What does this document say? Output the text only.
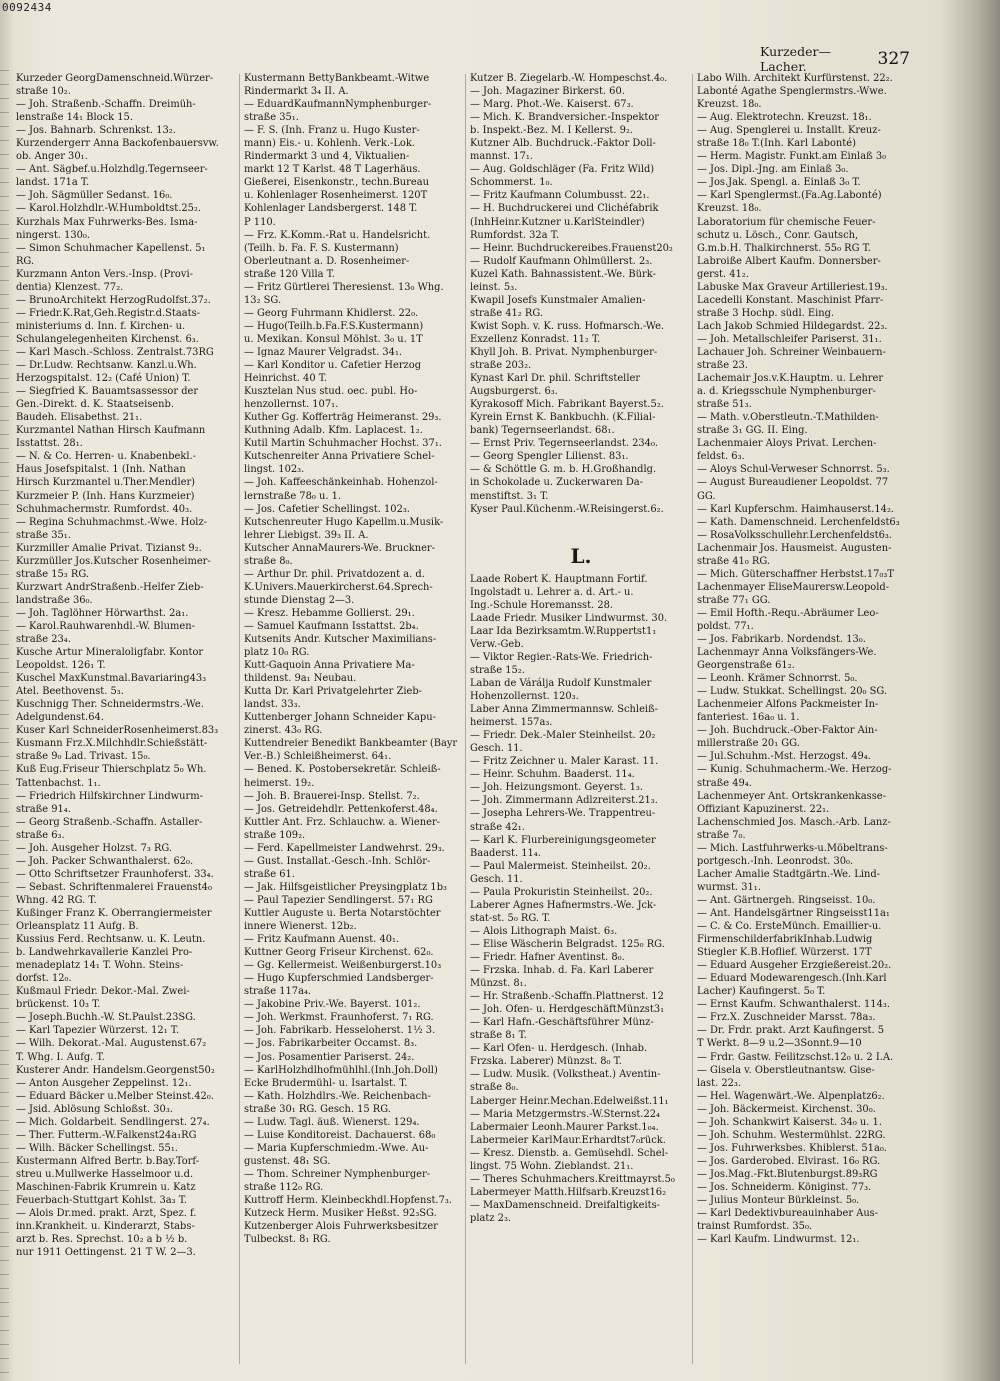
0092434
Kurzeder—Lacher.	327
Kurzeder GeorgDamenschneid.Würzer-
straße 10₂.
— Joh. Straßenb.-Schaffn. Dreimüh-
lenstraße 14₁ Block 15.
— Jos. Bahnarb. Schrenkst. 13₂.
Kurzendergerr Anna Backofenbauersvw.
ob. Anger 30₁.
— Ant. Sägbef.u.Holzhdlg.Tegernseer-
landst. 171a T.
— Joh. Sägmüller Sedanst. 16₀.
— Karol.Holzhdlr.-W.Humboldtst.25₂.
Kurzhals Max Fuhrwerks-Bes. Isma-
ningerst. 130₀.
— Simon Schuhmacher Kapellenst. 5₁
RG.
Kurzmann Anton Vers.-Insp. (Provi-
dentia) Klenzest. 77₂.
— BrunoArchitekt HerzogRudolfst.37₂.
— Friedr.K.Rat,Geh.Registr.d.Staats-
ministeriums d. Inn. f. Kirchen- u.
Schulangelegenheiten Kirchenst. 6₃.
— Karl Masch.-Schloss. Zentralst.73RG
— Dr.Ludw. Rechtsanw. Kanzl.u.Wh.
Herzogspitalst. 12₂ (Café Union) T.
— Siegfried K. Bauamtsassessor der
Gen.-Direkt. d. K. Staatseisenb.
Baudeh. Elisabethst. 21₁.
Kurzmantel Nathan Hirsch Kaufmann
Isstattst. 28₁.
— N. & Co. Herren- u. Knabenbekl.-
Haus Josefspitalst. 1 (Inh. Nathan
Hirsch Kurzmantel u.Ther.Mendler)
Kurzmeier P. (Inh. Hans Kurzmeier)
Schuhmachermstr. Rumfordst. 40₃.
— Regina Schuhmachmst.-Wwe. Holz-
straße 35₁.
Kurzmiller Amalie Privat. Tizianst 9₂.
Kurzmüller Jos.Kutscher Rosenheimer-
straße 15₃ RG.
Kurzwart AndrStraßenb.-Helfer Zieb-
landstraße 36₀.
— Joh. Taglöhner Hörwarthst. 2a₁.
— Karol.Rauhwarenhdl.-W. Blumen-
straße 23₄.
Kusche Artur Mineraloligfabr. Kontor
Leopoldst. 126₁ T.
Kuschel MaxKunstmal.Bavariaring43₃
Atel. Beethovenst. 5₃.
Kuschnigg Ther. Schneidermstrs.-We.
Adelgundenst.64.
Kuser Karl SchneiderRosenheimerst.83₃
Kusmann Frz.X.Milchhdlr.Schießstätt-
straße 9₀ Lad. Trivast. 15₀.
Kuß Eug.Friseur Thierschplatz 5₀ Wh.
Tattenbachst. 1₁.
— Friedrich Hilfskirchner Lindwurm-
straße 91₄.
— Georg Straßenb.-Schaffn. Astaller-
straße 6₃.
— Joh. Ausgeher Holzst. 7₃ RG.
— Joh. Packer Schwanthalerst. 62₀.
— Otto Schriftsetzer Fraunhoferst. 33₄.
— Sebast. Schriftenmalerei Frauenst4₀
Whng. 42 RG. T.
Kußinger Franz K. Oberrangiermeister
Orleansplatz 11 Aufg. B.
Kussius Ferd. Rechtsanw. u. K. Leutn.
b. Landwehrkavallerie Kanzlei Pro-
menadeplatz 14₁ T. Wohn. Steins-
dorfst. 12₀.
Kußmaul Friedr. Dekor.-Mal. Zwei-
brückenst. 10₃ T.
— Joseph.Buchh.-W. St.Paulst.23SG.
— Karl Tapezier Würzerst. 12₁ T.
— Wilh. Dekorat.-Mal. Augustenst.67₂
T. Whg. I. Aufg. T.
Kusterer Andr. Handelsm.Georgenst50₂
— Anton Ausgeher Zeppelinst. 12₁.
— Eduard Bäcker u.Melber Steinst.42₀.
— Jsid. Ablösung Schloßst. 30₃.
— Mich. Goldarbeit. Sendlingerst. 27₄.
— Ther. Futterm.-W.Falkenst24a₁RG
— Wilh. Bäcker Schellingst. 55₁.
Kustermann Alfred Bertr. b.Bay.Torf-
streu u.Mullwerke Hasselmoor u.d.
Maschinen-Fabrik Krumrein u. Katz
Feuerbach-Stuttgart Kohlst. 3a₃ T.
— Alois Dr.med. prakt. Arzt, Spez. f.
inn.Krankheit. u. Kinderarzt, Stabs-
arzt b. Res. Sprechst. 10₂ a b ½ b.
nur 1911 Oettingenst. 21 T W. 2—3.
Kustermann BettyBankbeamt.-Witwe
Rindermarkt 3₄ II. A.
— EduardKaufmannNymphenburger-
straße 35₁.
— F. S. (Inh. Franz u. Hugo Kuster-
mann) Eis.- u. Kohlenh. Verk.-Lok.
Rindermarkt 3 und 4, Viktualien-
markt 12 T Karlst. 48 T Lagerhäus.
Gießerei, Eisenkonstr., techn.Bureau
u. Kohlenlager Rosenheimerst. 120T
Kohlenlager Landsbergerst. 148 T.
P 110.
— Frz. K.Komm.-Rat u. Handelsricht.
(Teilh. b. Fa. F. S. Kustermann)
Oberleutnant a. D. Rosenheimer-
straße 120 Villa T.
— Fritz Gürtlerei Theresienst. 13₀ Whg.
13₂ SG.
— Georg Fuhrmann Khidlerst. 22₀.
— Hugo(Teilh.b.Fa.F.S.Kustermann)
u. Mexikan. Konsul Möhlst. 3₀ u. 1T
— Ignaz Maurer Velgradst. 34₁.
— Karl Konditor u. Cafetier Herzog
Heinrichst. 40 T.
Kusztelan Nus stud. oec. publ. Ho-
henzollernst. 107₁.
Kuther Gg. Kofferträg Heimeranst. 29₃.
Kuthning Adalb. Kfm. Laplacest. 1₂.
Kutil Martin Schuhmacher Hochst. 37₁.
Kutschenreiter Anna Privatiere Schel-
lingst. 102₃.
— Joh. Kaffeeschänkeinhab. Hohenzol-
lernstraße 78₀ u. 1.
— Jos. Cafetier Schellingst. 102₃.
Kutschenreuter Hugo Kapellm.u.Musik-
lehrer Liebigst. 39₃ II. A.
Kutscher AnnaMaurers-We. Bruckner-
straße 8₀.
— Arthur Dr. phil. Privatdozent a. d.
K.Univers.Mauerkircherst.64.Sprech-
stunde Dienstag 2—3.
— Kresz. Hebamme Gollierst. 29₁.
— Samuel Kaufmann Isstattst. 2b₄.
Kutsenits Andr. Kutscher Maximilians-
platz 10₀ RG.
Kutt-Gaquoin Anna Privatiere Ma-
thildenst. 9a₁ Neubau.
Kutta Dr. Karl Privatgelehrter Zieb-
landst. 33₃.
Kuttenberger Johann Schneider Kapu-
zinerst. 43₀ RG.
Kuttendreier Benedikt Bankbeamter (Bayr
Ver.-B.) Schleißheimerst. 64₁.
— Bened. K. Postobersekretär. Schleiß-
heimerst. 19₂.
— Joh. B. Brauerei-Insp. Stellst. 7₂.
— Jos. Getreidehdlr. Pettenkoferst.48₄.
Kuttler Ant. Frz. Schlauchw. a. Wiener-
straße 109₂.
— Ferd. Kapellmeister Landwehrst. 29₃.
— Gust. Installat.-Gesch.-Inh. Schlör-
straße 61.
— Jak. Hilfsgeistlicher Preysingplatz 1b₃
— Paul Tapezier Sendlingerst. 57₁ RG
Kuttler Auguste u. Berta Notarstöchter
innere Wienerst. 12b₂.
— Fritz Kaufmann Auenst. 40₁.
Kuttner Georg Friseur Kirchenst. 62₀.
— Gg. Kellermeist. Weißenburgerst.10₃
— Hugo Kupferschmied Landsberger-
straße 117a₄.
— Jakobine Priv.-We. Bayerst. 101₂.
— Joh. Werkmst. Fraunhoferst. 7₁ RG.
— Joh. Fabrikarb. Hesseloherst. 1½ 3.
— Jos. Fabrikarbeiter Occamst. 8₃.
— Jos. Posamentier Pariserst. 24₂.
— KarlHolzhdlhofmühlhl.(Inh.Joh.Doll)
Ecke Brudermühl- u. Isartalst. T.
— Kath. Holzhdlrs.-We. Reichenbach-
straße 30₁ RG. Gesch. 15 RG.
— Ludw. Tagl. äuß. Wienerst. 129₄.
— Luise Konditoreist. Dachauerst. 68₀
— Maria Kupferschmiedm.-Wwe. Au-
gustenst. 48₁ SG.
— Thom. Schreiner Nymphenburger-
straße 112₀ RG.
Kuttroff Herm. Kleinbeckhdl.Hopfenst.7₃.
Kutzeck Herm. Musiker Heßst. 92₃SG.
Kutzenberger Alois Fuhrwerksbesitzer
Tulbeckst. 8₁ RG.
Kutzer B. Ziegelarb.-W. Hompeschst.4₀.
— Joh. Magaziner Birkerst. 60.
— Marg. Phot.-We. Kaiserst. 67₃.
— Mich. K. Brandversicher.-Inspektor
b. Inspekt.-Bez. M. I Kellerst. 9₂.
Kutzner Alb. Buchdruck.-Faktor Doll-
mannst. 17₁.
— Aug. Goldschläger (Fa. Fritz Wild)
Schommerst. 1₀.
— Fritz Kaufmann Columbusst. 22₁.
— H. Buchdruckerei und Clichéfabrik
(InhHeinr.Kutzner u.KarlSteindler)
Rumfordst. 32a T.
— Heinr. Buchdruckereibes.Frauenst20₂
— Rudolf Kaufmann Ohlmüllerst. 2₃.
Kuzel Kath. Bahnassistent.-We. Bürk-
leinst. 5₃.
Kwapil Josefs Kunstmaler Amalien-
straße 41₂ RG.
Kwist Soph. v. K. russ. Hofmarsch.-We.
Exzellenz Konradst. 11₂ T.
Khyll Joh. B. Privat. Nymphenburger-
straße 203₂.
Kynast Karl Dr. phil. Schriftsteller
Augsburgerst. 6₃.
Kyrakosoff Mich. Fabrikant Bayerst.5₂.
Kyrein Ernst K. Bankbuchh. (K.Filial-
bank) Tegernseerlandst. 68₁.
— Ernst Priv. Tegernseerlandst. 234₀.
— Georg Spengler Lilienst. 83₁.
— & Schöttle G. m. b. H.Großhandlg.
in Schokolade u. Zuckerwaren Da-
menstiftst. 3₁ T.
Kyser Paul.Küchenm.-W.Reisingerst.6₂.
L.
Laade Robert K. Hauptmann Fortif.
Ingolstadt u. Lehrer a. d. Art.- u.
Ing.-Schule Horemansst. 28.
Laade Friedr. Musiker Lindwurmst. 30.
Laar Ida Bezirksamtm.W.Ruppertst1₁
Verw.-Geb.
— Viktor Regier.-Rats-We. Friedrich-
straße 15₂.
Laban de Várálja Rudolf Kunstmaler
Hohenzollernst. 120₃.
Laber Anna Zimmermannsw. Schleiß-
heimerst. 157a₃.
— Friedr. Dek.-Maler Steinheilst. 20₂
Gesch. 11.
— Fritz Zeichner u. Maler Karast. 11.
— Heinr. Schuhm. Baaderst. 11₄.
— Joh. Heizungsmont. Geyerst. 1₃.
— Joh. Zimmermann Adlzreiterst.21₃.
— Josepha Lehrers-We. Trappentreu-
straße 42₁.
— Karl K. Flurbereinigungsgeometer
Baaderst. 11₄.
— Paul Malermeist. Steinheilst. 20₂.
Gesch. 11.
— Paula Prokuristin Steinheilst. 20₂.
Laberer Agnes Hafnermstrs.-We. Jck-
stat-st. 5₀ RG. T.
— Alois Lithograph Maist. 6₃.
— Elise Wäscherin Belgradst. 125₀ RG.
— Friedr. Hafner Aventinst. 8₀.
— Frzska. Inhab. d. Fa. Karl Laberer
Münzst. 8₁.
— Hr. Straßenb.-Schaffn.Plattnerst. 12
— Joh. Ofen- u. HerdgeschäftMünzst3₁
— Karl Hafn.-Geschäftsführer Münz-
straße 8₁ T.
— Karl Ofen- u. Herdgesch. (Inhab.
Frzska. Laberer) Münzst. 8₀ T.
— Ludw. Musik. (Volkstheat.) Aventin-
straße 8₀.
Laberger Heinr.Mechan.Edelweißst.11₁
— Maria Metzgermstrs.-W.Sternst.22₄
Labermaier Leonh.Maurer Parkst.1₀₄.
Labermeier KarlMaur.Erhardtst7₀rück.
— Kresz. Dienstb. a. Gemüsehdl. Schel-
lingst. 75 Wohn. Zieblandst. 21₁.
— Theres Schuhmachers.Kreittmayrst.5₀
Labermeyer Matth.Hilfsarb.Kreuzst16₂
— MaxDamenschneid. Dreifaltigkeits-
platz 2₃.
Labo Wilh. Architekt Kurfürstenst. 22₂.
Labonté Agathe Spenglermstrs.-Wwe.
Kreuzst. 18₀.
— Aug. Elektrotechn. Kreuzst. 18₁.
— Aug. Spenglerei u. Installt. Kreuz-
straße 18₀ T.(Inh. Karl Labonté)
— Herm. Magistr. Funkt.am Einlaß 3₀
— Jos. Dipl.-Jng. am Einlaß 3₀.
— Jos.Jak. Spengl. a. Einlaß 3₀ T.
— Karl Spenglermst.(Fa.Ag.Labonté)
Kreuzst. 18₀.
Laboratorium für chemische Feuer-
schutz u. Lösch., Conr. Gautsch,
G.m.b.H. Thalkirchnerst. 55₀ RG T.
Labroiße Albert Kaufm. Donnersber-
gerst. 41₂.
Labuske Max Graveur Artilleriest.19₃.
Lacedelli Konstant. Maschinist Pfarr-
straße 3 Hochp. südl. Eing.
Lach Jakob Schmied Hildegardst. 22₃.
— Joh. Metallschleifer Pariserst. 31₁.
Lachauer Joh. Schreiner Weinbauern-
straße 23.
Lachemair Jos.v.K.Hauptm. u. Lehrer
a. d. Kriegsschule Nymphenburger-
straße 51₃.
— Math. v.Oberstleutn.-T.Mathilden-
straße 3₁ GG. II. Eing.
Lachenmaier Aloys Privat. Lerchen-
feldst. 6₃.
— Aloys Schul-Verweser Schnorrst. 5₃.
— August Bureaudiener Leopoldst. 77
GG.
— Karl Kupferschm. Haimhauserst.14₂.
— Kath. Damenschneid. Lerchenfeldst6₃
— RosaVolksschullehr.Lerchenfeldst6₃.
Lachenmair Jos. Hausmeist. Augusten-
straße 41₀ RG.
— Mich. Güterschaffner Herbstst.17₀₃T
Lachenmayer ElisеMaurersw.Leopold-
straße 77₁ GG.
— Emil Hofth.-Requ.-Abräumer Leo-
poldst. 77₁.
— Jos. Fabrikarb. Nordendst. 13₀.
Lachenmayr Anna Volksfängers-We.
Georgenstraße 61₂.
— Leonh. Krämer Schnorrst. 5₀.
— Ludw. Stukkat. Schellingst. 20₀ SG.
Lachenmeier Alfons Packmeister In-
fanteriest. 16a₀ u. 1.
— Joh. Buchdruck.-Ober-Faktor Ain-
millerstraße 20₁ GG.
— Jul.Schuhm.-Mst. Herzogst. 49₄.
— Kunig. Schuhmacherm.-We. Herzog-
straße 49₄.
Lachenmeyer Ant. Ortskrankenkasse-
Offiziant Kapuzinerst. 22₁.
Lachenschmied Jos. Masch.-Arb. Lanz-
straße 7₀.
— Mich. Lastfuhrwerks-u.Möbeltrans-
portgesch.-Inh. Leonrodst. 30₀.
Lacher Amalie Stadtgärtn.-We. Lind-
wurmst. 31₁.
— Ant. Gärtnergeh. Ringseisst. 10₀.
— Ant. Handelsgärtner Ringseisst11a₁
— C. & Co. ErsteMünch. Emaillier-u.
FirmenschilderfabrikInhab.Ludwig
Stiegler K.B.Hoflief. Würzerst. 17T
— Eduard Ausgeher Erzgießereist.20₂.
— Eduard Modewarengesch.(Inh.Karl
Lacher) Kaufingerst. 5₀ T.
— Ernst Kaufm. Schwanthalerst. 114₃.
— Frz.X. Zuschneider Marsst. 78a₃.
— Dr. Frdr. prakt. Arzt Kaufingerst. 5
T Werkt. 8—9 u.2—3Sonnt.9—10
— Frdr. Gastw. Feilitzschst.12₀ u. 2 I.A.
— Gisela v. Oberstleutnantsw. Gise-
last. 22₃.
— Hel. Wagenwärt.-We. Alpenplatz6₂.
— Joh. Bäckermeist. Kirchenst. 30₀.
— Joh. Schankwirt Kaiserst. 34₀ u. 1.
— Joh. Schuhm. Westermühlst. 22RG.
— Jos. Fuhrwerksbes. Khiblerst. 51a₀.
— Jos. Garderobed. Elvirast. 16₀ RG.
— Jos.Mag.-Fkt.Blutenburgst.89₃RG
— Jos. Schneiderm. Königinst. 77₃.
— Julius Monteur Bürkleinst. 5₀.
— Karl Dedektivbureauinhaber Aus-
trainst Rumfordst. 35₀.
— Karl Kaufm. Lindwurmst. 12₁.
